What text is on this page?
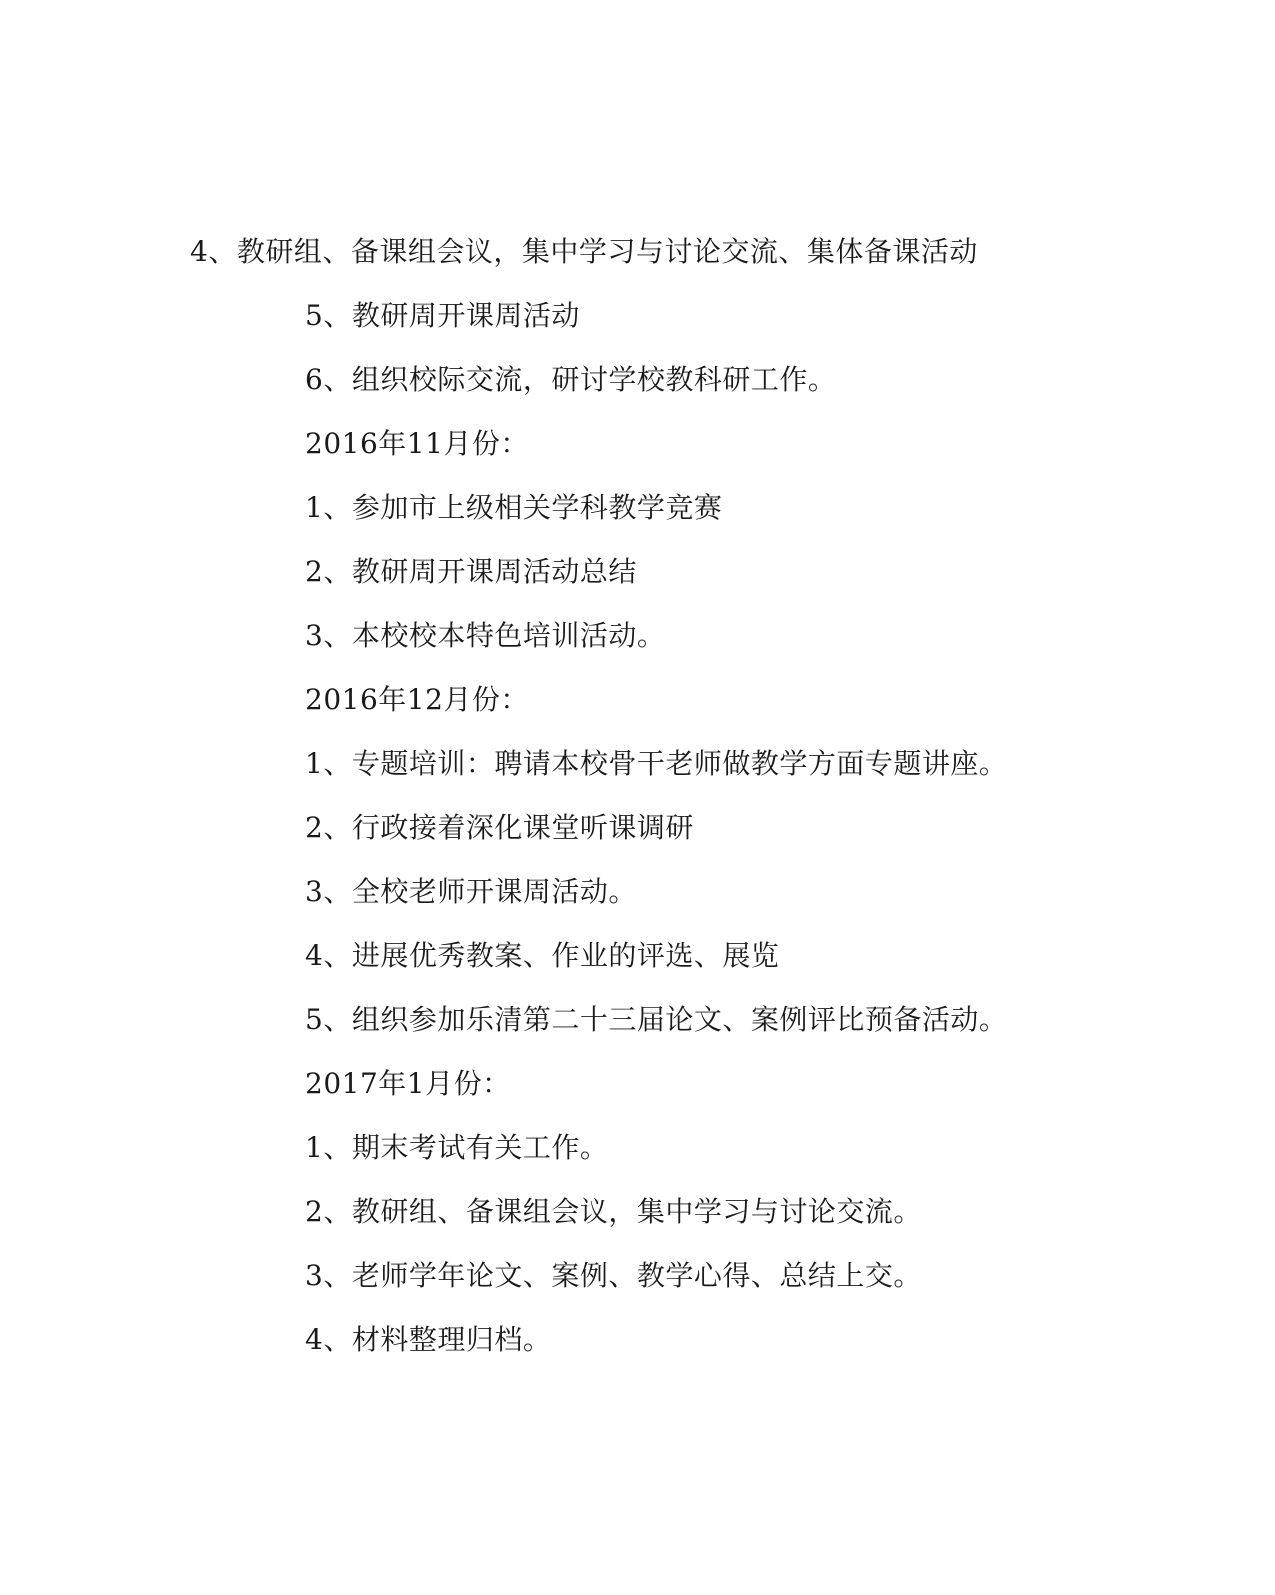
4、教研组、备课组会议，集中学习与讨论交流、集体备课活动
5、教研周开课周活动
6、组织校际交流，研讨学校教科研工作。
2016年11月份：
1、参加市上级相关学科教学竞赛
2、教研周开课周活动总结
3、本校校本特色培训活动。
2016年12月份：
1、专题培训：聘请本校骨干老师做教学方面专题讲座。
2、行政接着深化课堂听课调研
3、全校老师开课周活动。
4、进展优秀教案、作业的评选、展览
5、组织参加乐清第二十三届论文、案例评比预备活动。
2017年1月份：
1、期末考试有关工作。
2、教研组、备课组会议，集中学习与讨论交流。
3、老师学年论文、案例、教学心得、总结上交。
4、材料整理归档。
